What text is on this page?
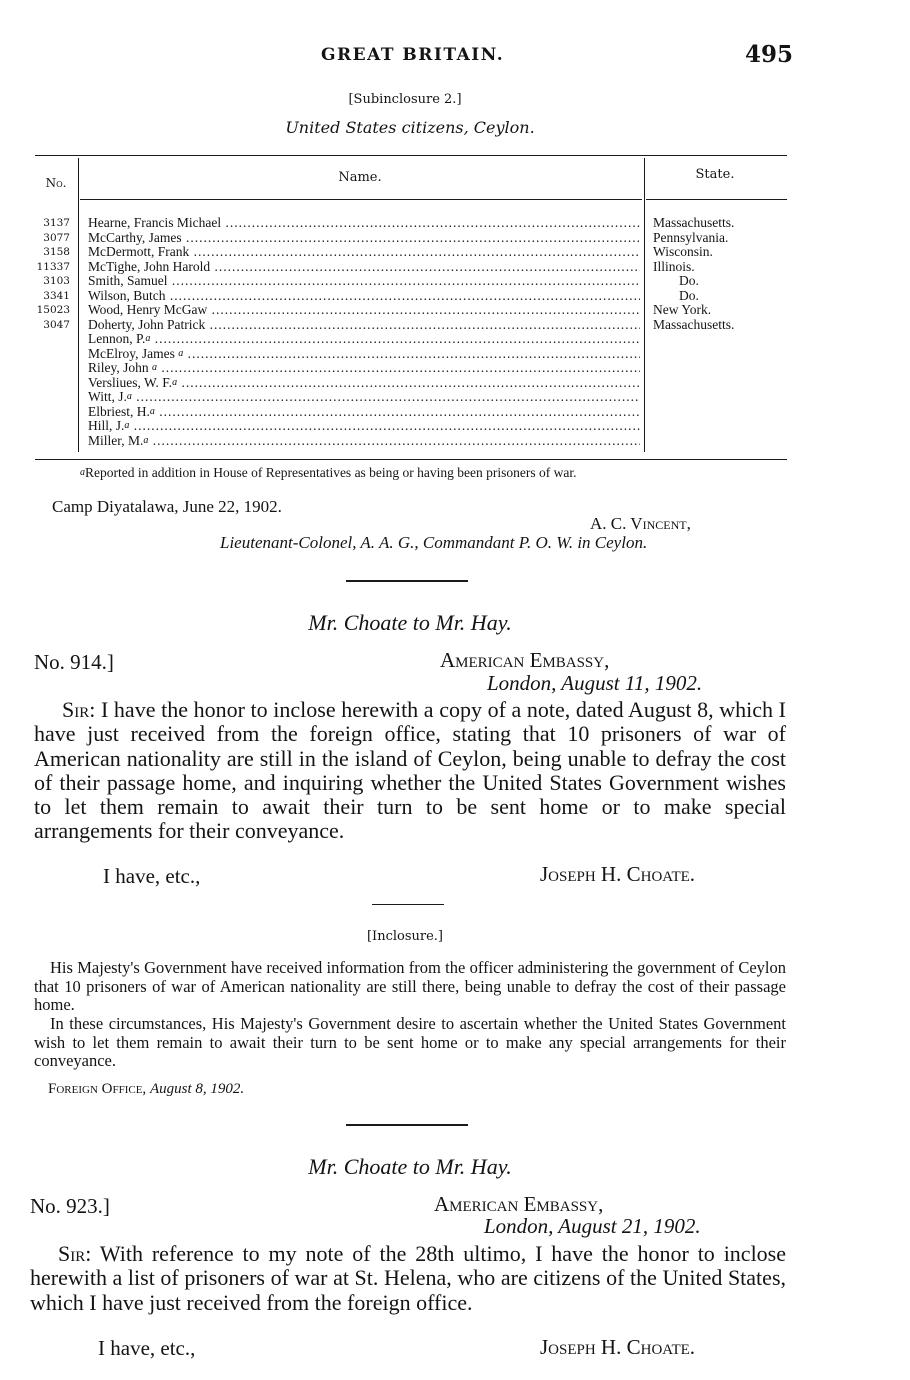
GREAT BRITAIN.	495
[Subinclosure 2.]
United States citizens, Ceylon.
No.	Name.	State.
3137 Hearne, Francis Michael .....	Massachusetts.
3077 McCarthy, James .....	Pennsylvania.
3158 McDermott, Frank .....	Wisconsin.
11337 McTighe, John Harold .....	Illinois.
3103 Smith, Samuel .....	Do.
3341 Wilson, Butch .....	Do.
15023 Wood, Henry McGaw .....	New York.
3047 Doherty, John Patrick .....	Massachusetts.
Lennon, P.a .....
McElroy, James a .....
Riley, John a .....
Versliues, W. F.a .....
Witt, J.a .....
Elbriest, H.a .....
Hill, J.a .....
Miller, M.a .....
aReported in addition in House of Representatives as being or having been prisoners of war.
Camp Diyatalawa, June 22, 1902.
A. C. Vincent,
Lieutenant-Colonel, A. A. G., Commandant P. O. W. in Ceylon.
Mr. Choate to Mr. Hay.
No. 914.]	American Embassy,
London, August 11, 1902.
Sir: I have the honor to inclose herewith a copy of a note, dated August 8, which I have just received from the foreign office, stating that 10 prisoners of war of American nationality are still in the island of Ceylon, being unable to defray the cost of their passage home, and inquiring whether the United States Government wishes to let them remain to await their turn to be sent home or to make special arrangements for their conveyance.
I have, etc.,	Joseph H. Choate.
[Inclosure.]
His Majesty's Government have received information from the officer administering the government of Ceylon that 10 prisoners of war of American nationality are still there, being unable to defray the cost of their passage home.
In these circumstances, His Majesty's Government desire to ascertain whether the United States Government wish to let them remain to await their turn to be sent home or to make any special arrangements for their conveyance.
Foreign Office, August 8, 1902.
Mr. Choate to Mr. Hay.
No. 923.]	American Embassy,
London, August 21, 1902.
Sir: With reference to my note of the 28th ultimo, I have the honor to inclose herewith a list of prisoners of war at St. Helena, who are citizens of the United States, which I have just received from the foreign office.
I have, etc.,	Joseph H. Choate.
